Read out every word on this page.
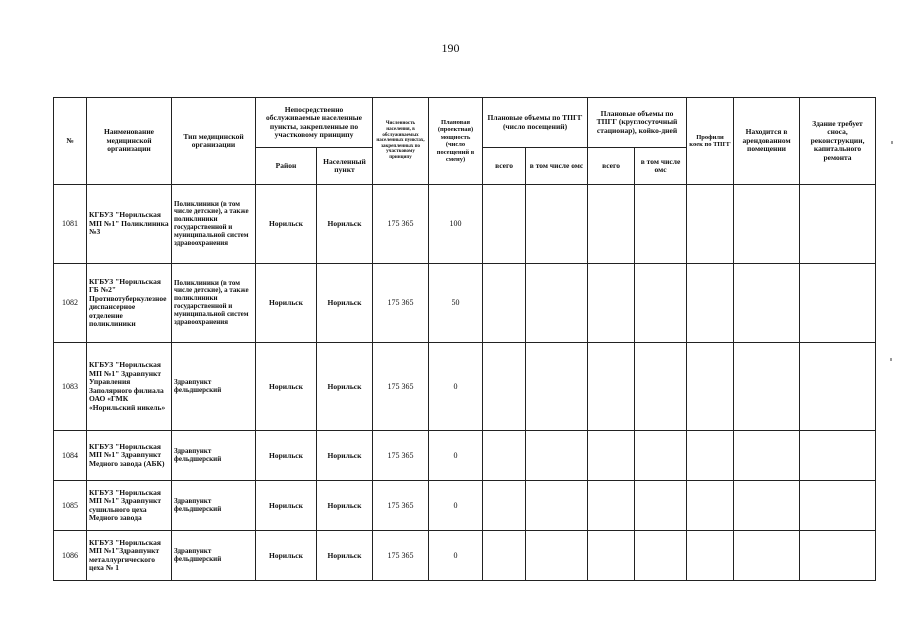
190
№	Наименование медицинской организации	Тип медицинской организации	Непосредственно обслуживаемые населенные пункты, закрепленные по участковому принципу		Численность населения, в обслуживаемых населенных пунктах, закрепленных по участковому принципу	Плановая (проектная) мощность (число посещений в смену)	Плановые объемы по ТПГГ (число посещений)		Плановые объемы по ТПГГ (круглосуточный стационар), койко-дней		Профили коек по ТПГГ	Находится в арендованном помещении	Здание требует сноса, реконструкции, капитального ремонта
			Район	Населенный пункт			всего	в том числе омс	всего	в том числе омс			
1081	КГБУЗ "Норильская МП №1" Поликлиника №3	Поликлиники (в том числе детские), а также поликлиники государственной и муниципальной систем здравоохранения	Норильск	Норильск	175 365	100							
1082	КГБУЗ "Норильская ГБ №2" Противотуберкулезное диспансерное отделение поликлиники	Поликлиники (в том числе детские), а также поликлиники государственной и муниципальной систем здравоохранения	Норильск	Норильск	175 365	50							
1083	КГБУЗ "Норильская МП №1" Здравпункт Управления Заполярного филиала ОАО «ГМК «Норильский никель»	Здравпункт фельдшерский	Норильск	Норильск	175 365	0							
1084	КГБУЗ "Норильская МП №1" Здравпункт Медного завода (АБК)	Здравпункт фельдшерский	Норильск	Норильск	175 365	0							
1085	КГБУЗ "Норильская МП №1" Здравпункт сушильного цеха Медного завода	Здравпункт фельдшерский	Норильск	Норильск	175 365	0							
1086	КГБУЗ "Норильская МП №1"Здравпункт металлургического цеха № 1	Здравпункт фельдшерский	Норильск	Норильск	175 365	0							
